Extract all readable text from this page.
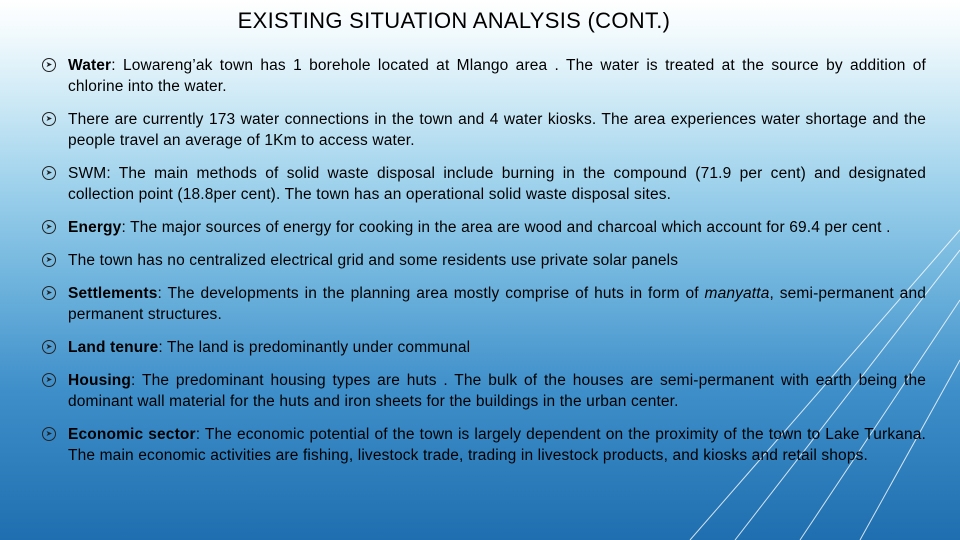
EXISTING SITUATION ANALYSIS (CONT.)
➤ Water: Lowareng’ak town has 1 borehole located at Mlango area . The water is treated at the source by addition of chlorine into the water.
➤ There are currently 173 water connections in the town and 4 water kiosks. The area experiences water shortage and the people travel an average of 1Km to access water.
➤ SWM: The main methods of solid waste disposal include burning in the compound (71.9 per cent) and designated collection point (18.8per cent). The town has an operational solid waste disposal sites.
➤ Energy: The major sources of energy for cooking in the area are wood and charcoal which account for 69.4 per cent .
➤ The town has no centralized electrical grid and some residents use private solar panels
➤ Settlements: The developments in the planning area mostly comprise of huts in form of manyatta, semi-permanent and permanent structures.
➤ Land tenure: The land is predominantly under communal
➤ Housing: The predominant housing types are huts . The bulk of the houses are semi-permanent with earth being the dominant wall material for the huts and iron sheets for the buildings in the urban center.
➤ Economic sector: The economic potential of the town is largely dependent on the proximity of the town to Lake Turkana. The main economic activities are fishing, livestock trade, trading in livestock products, and kiosks and retail shops.
